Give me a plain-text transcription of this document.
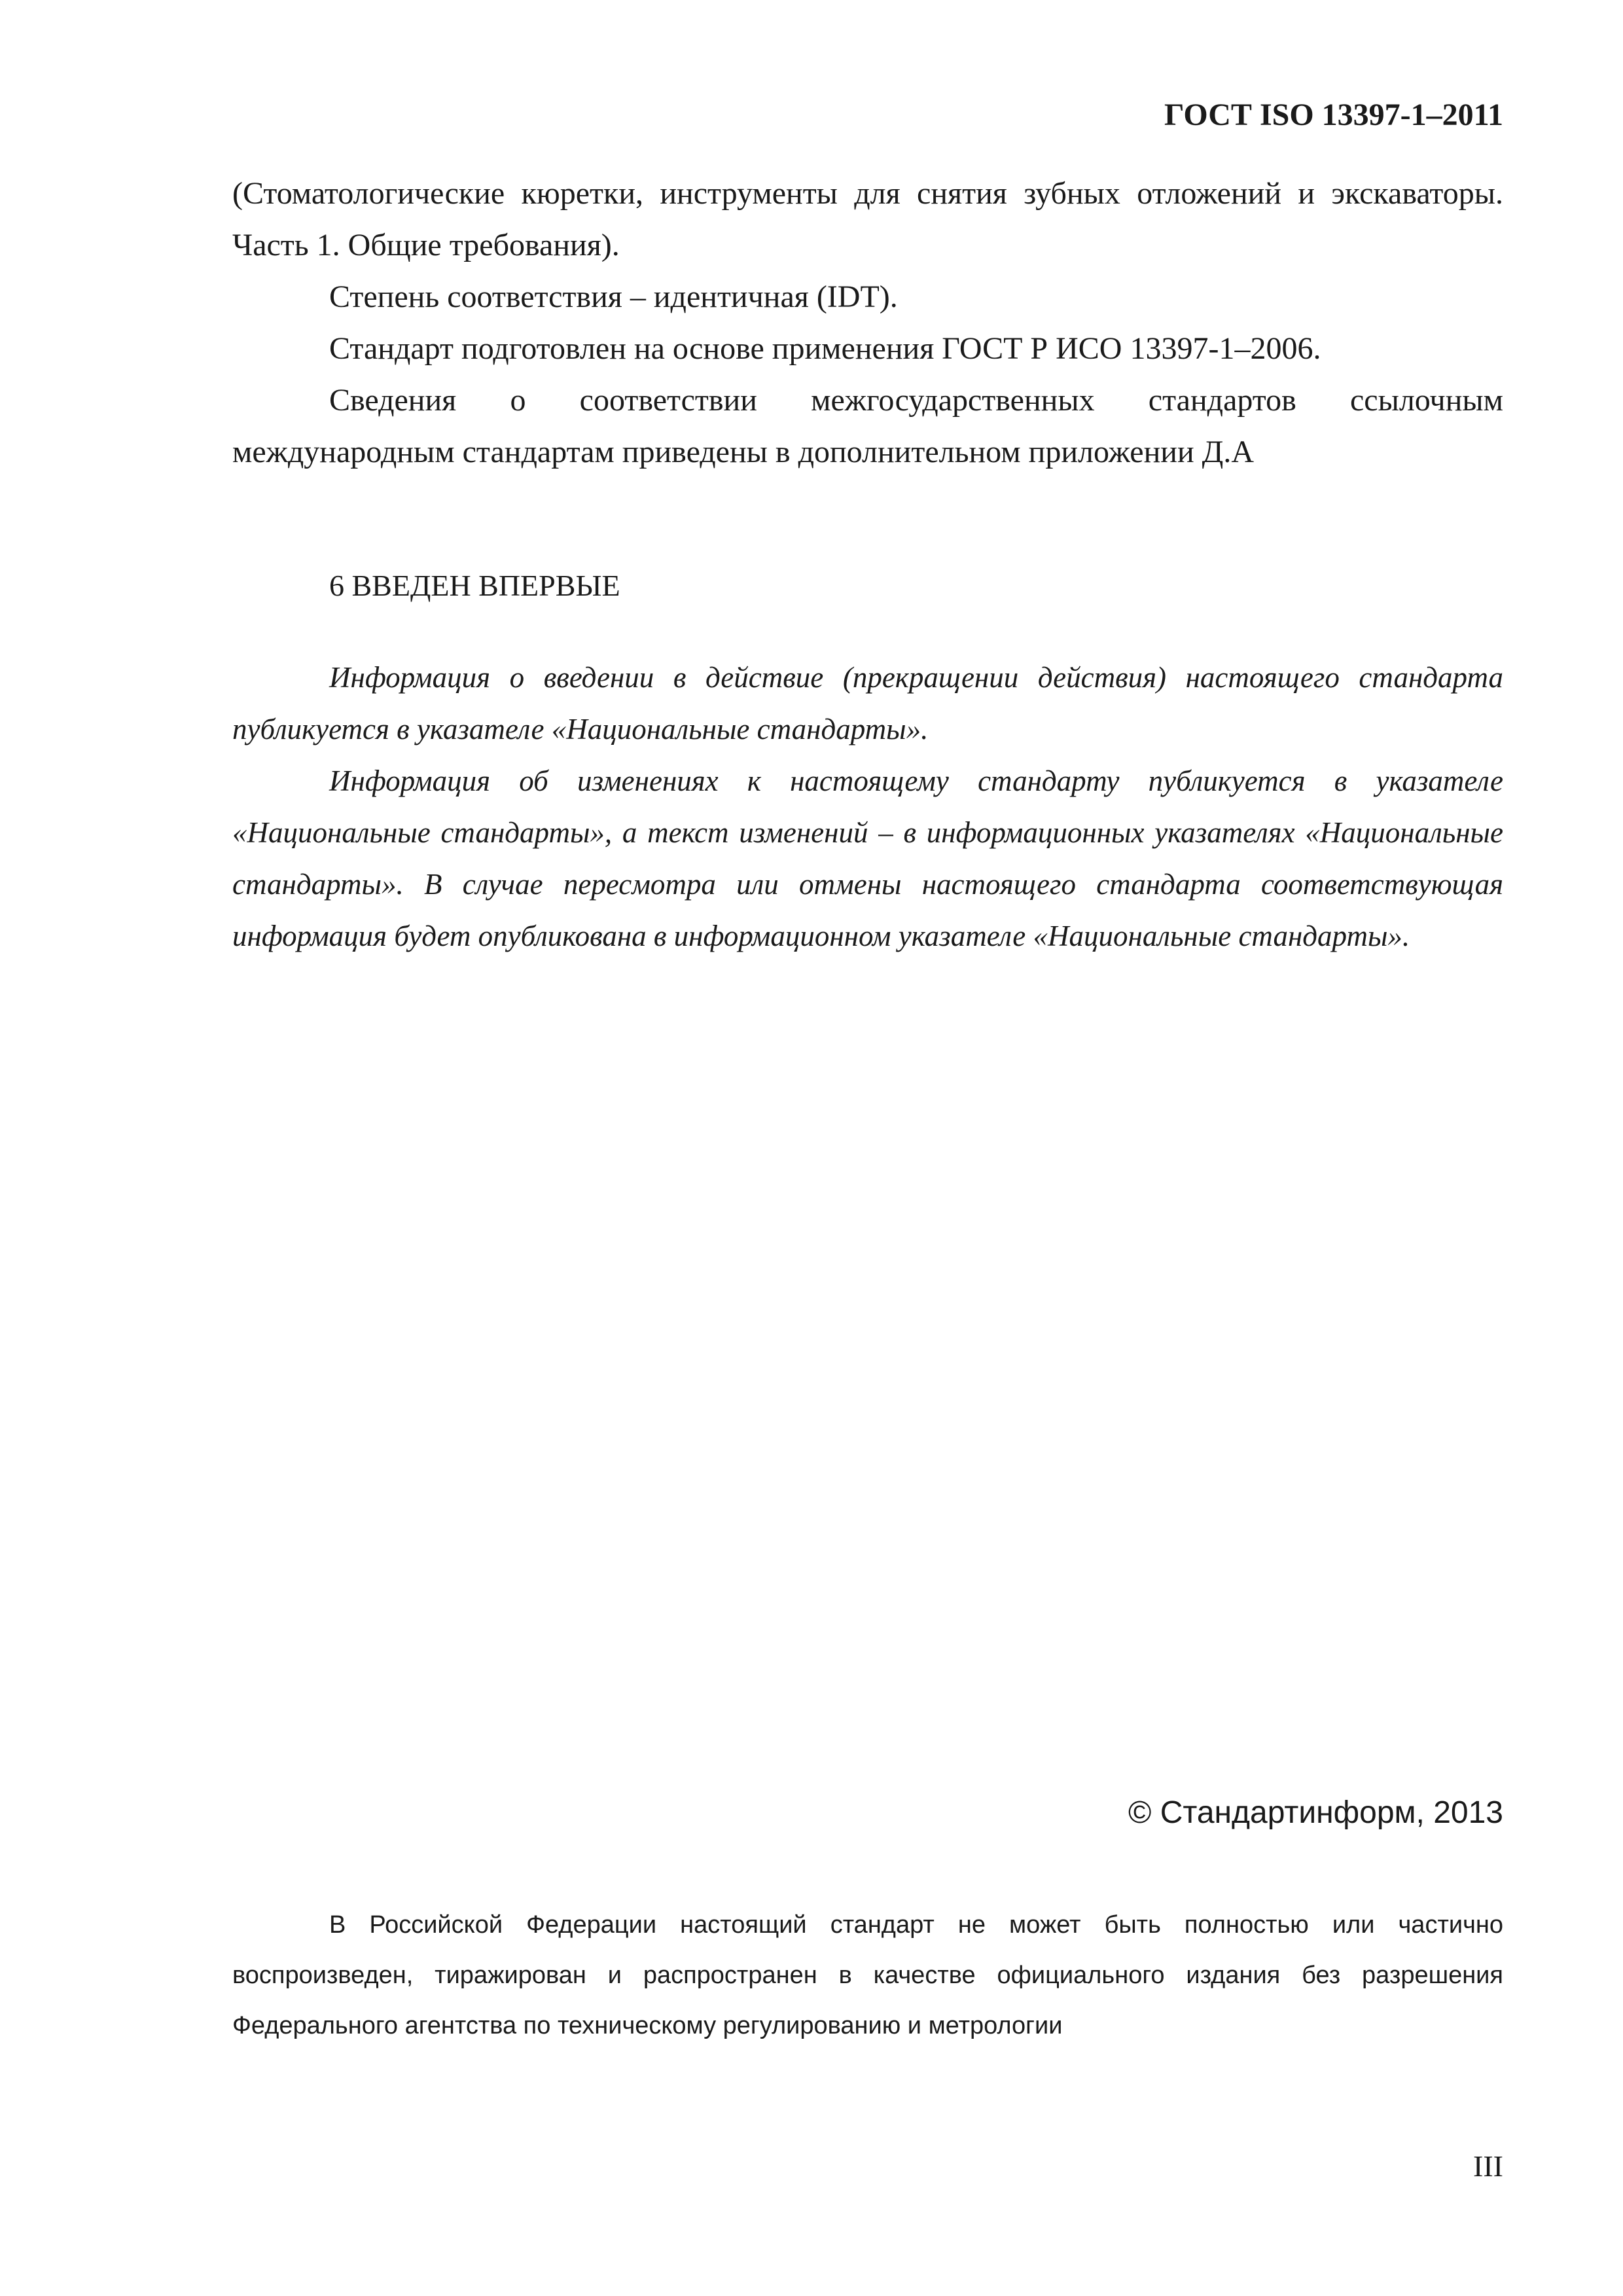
ГОСТ ISO 13397-1–2011

(Стоматологические кюретки, инструменты для снятия зубных отложений и экскаваторы. Часть 1. Общие требования).

Степень соответствия – идентичная (IDT).

Стандарт подготовлен на основе применения ГОСТ Р ИСО 13397-1–2006.

Сведения о соответствии межгосударственных стандартов ссылочным

международным стандартам приведены в дополнительном приложении Д.А

6 ВВЕДЕН ВПЕРВЫЕ

Информация о введении в действие (прекращении действия) настоящего стандарта публикуется в указателе «Национальные стандарты».

Информация об изменениях к настоящему стандарту публикуется в указателе «Национальные стандарты», а текст изменений – в информационных указателях «Национальные стандарты». В случае пересмотра или отмены настоящего стандарта соответствующая информация будет опубликована в информационном указателе «Национальные стандарты».

© Стандартинформ, 2013

В Российской Федерации настоящий стандарт не может быть полностью или частично воспроизведен, тиражирован и распространен в качестве официального издания без разрешения Федерального агентства по техническому регулированию и метрологии

III
